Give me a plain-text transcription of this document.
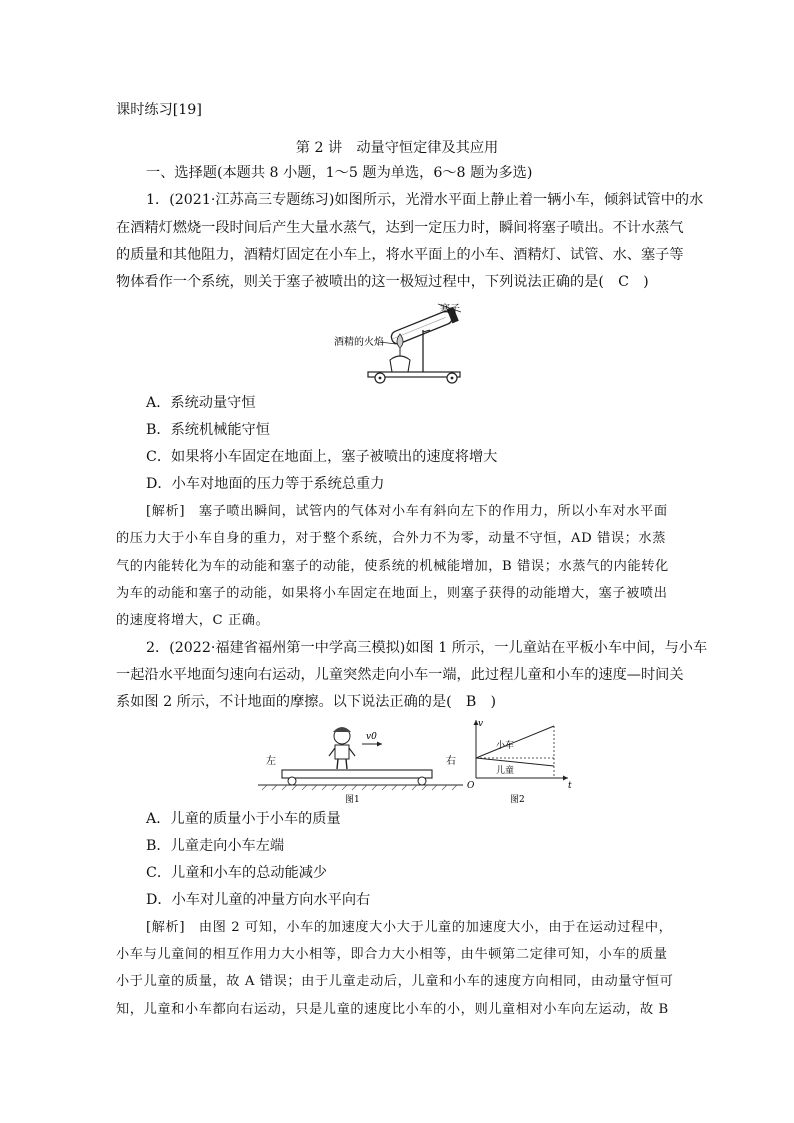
课时练习[19]
第 2 讲　动量守恒定律及其应用
一、选择题(本题共 8 小题，1～5 题为单选，6～8 题为多选)
1．(2021·江苏高三专题练习)如图所示，光滑水平面上静止着一辆小车，倾斜试管中的水
在酒精灯燃烧一段时间后产生大量水蒸气，达到一定压力时，瞬间将塞子喷出。不计水蒸气
的质量和其他阻力，酒精灯固定在小车上，将水平面上的小车、酒精灯、试管、水、塞子等
物体看作一个系统，则关于塞子被喷出的这一极短过程中，下列说法正确的是(　C　)
塞子
酒精的火焰
A．系统动量守恒
B．系统机械能守恒
C．如果将小车固定在地面上，塞子被喷出的速度将增大
D．小车对地面的压力等于系统总重力
[解析]　塞子喷出瞬间，试管内的气体对小车有斜向左下的作用力，所以小车对水平面
的压力大于小车自身的重力，对于整个系统，合外力不为零，动量不守恒，AD 错误；水蒸
气的内能转化为车的动能和塞子的动能，使系统的机械能增加，B 错误；水蒸气的内能转化
为车的动能和塞子的动能，如果将小车固定在地面上，则塞子获得的动能增大，塞子被喷出
的速度将增大，C 正确。
2．(2022·福建省福州第一中学高三模拟)如图 1 所示，一儿童站在平板小车中间，与小车
一起沿水平地面匀速向右运动，儿童突然走向小车一端，此过程儿童和小车的速度—时间关
系如图 2 所示，不计地面的摩擦。以下说法正确的是(　B　)
v0
左	右
图1
v
t
O
小车
儿童
图2
A．儿童的质量小于小车的质量
B．儿童走向小车左端
C．儿童和小车的总动能减少
D．小车对儿童的冲量方向水平向右
[解析]　由图 2 可知，小车的加速度大小大于儿童的加速度大小，由于在运动过程中，
小车与儿童间的相互作用力大小相等，即合力大小相等，由牛顿第二定律可知，小车的质量
小于儿童的质量，故 A 错误；由于儿童走动后，儿童和小车的速度方向相同，由动量守恒可
知，儿童和小车都向右运动，只是儿童的速度比小车的小，则儿童相对小车向左运动，故 B
